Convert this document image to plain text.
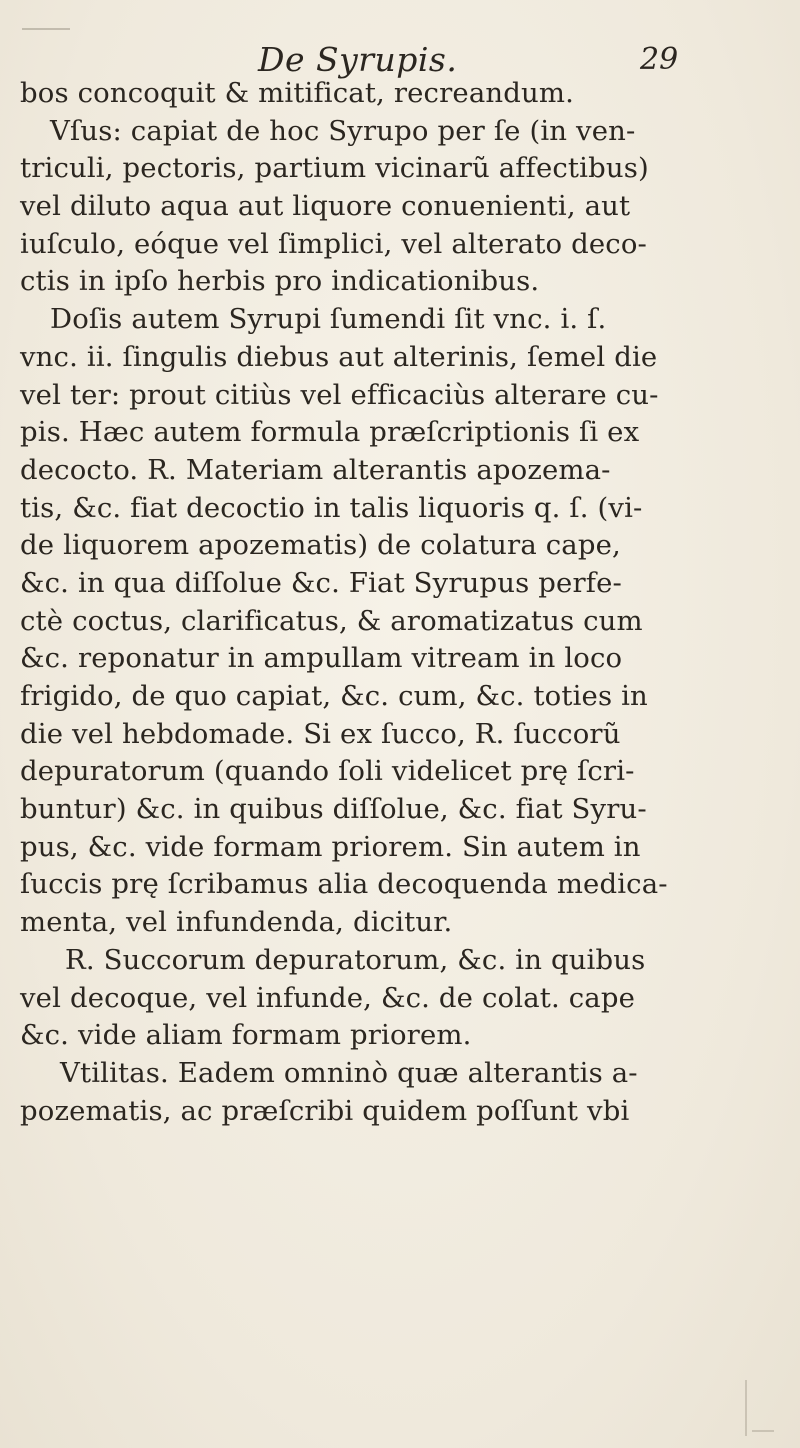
De Syrupis.	29
bos concoquit & mitificat, recreandum.
Vſus: capiat de hoc Syrupo per ſe (in ven-
triculi, pectoris, partium vicinarũ affectibus)
vel diluto aqua aut liquore conuenienti, aut
iuſculo, eóque vel ſimplici, vel alterato deco-
ctis in ipſo herbis pro indicationibus.
Doſis autem Syrupi ſumendi ſit vnc. i. ſ.
vnc. ii. ſingulis diebus aut alterinis, ſemel die
vel ter: prout citiùs vel efficaciùs alterare cu-
pis. Hæc autem formula præſcriptionis ſi ex
decocto. R. Materiam alterantis apozema-
tis, &c. fiat decoctio in talis liquoris q. ſ. (vi-
de liquorem apozematis) de colatura cape,
&c. in qua diſſolue &c. Fiat Syrupus perfe-
ctè coctus, clarificatus, & aromatizatus cum
&c. reponatur in ampullam vitream in loco
frigido, de quo capiat, &c. cum, &c. toties in
die vel hebdomade. Si ex ſucco, R. ſuccorũ
depuratorum (quando ſoli videlicet prę ſcri-
buntur) &c. in quibus diſſolue, &c. fiat Syru-
pus, &c. vide formam priorem. Sin autem in
ſuccis prę ſcribamus alia decoquenda medica-
menta, vel infundenda, dicitur.
R. Succorum depuratorum, &c. in quibus
vel decoque, vel infunde, &c. de colat. cape
&c. vide aliam formam priorem.
Vtilitas. Eadem omninò quæ alterantis a-
pozematis, ac præſcribi quidem poſſunt vbi
